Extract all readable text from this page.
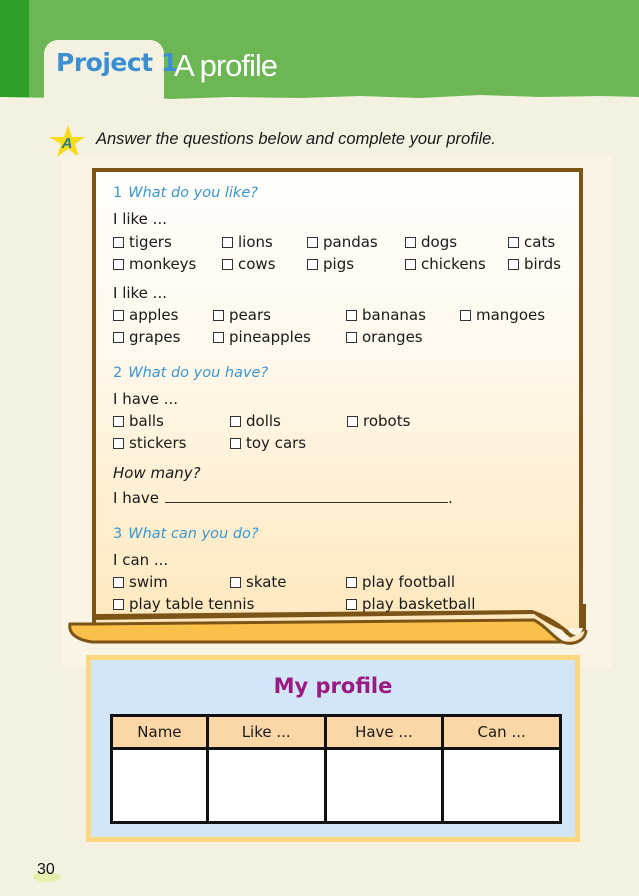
Project 1
A profile
A Answer the questions below and complete your profile.
1 What do you like?
I like ...
tigers	lions	pandas	dogs	cats
monkeys	cows	pigs	chickens	birds
I like ...
apples	pears	bananas	mangoes
grapes	pineapples	oranges
2 What do you have?
I have ...
balls	dolls	robots
stickers	toy cars
How many?
I have	.
3 What can you do?
I can ...
swim	skate	play football
play table tennis	play basketball
My profile
Name	Like ...	Have ...	Can ...

30
